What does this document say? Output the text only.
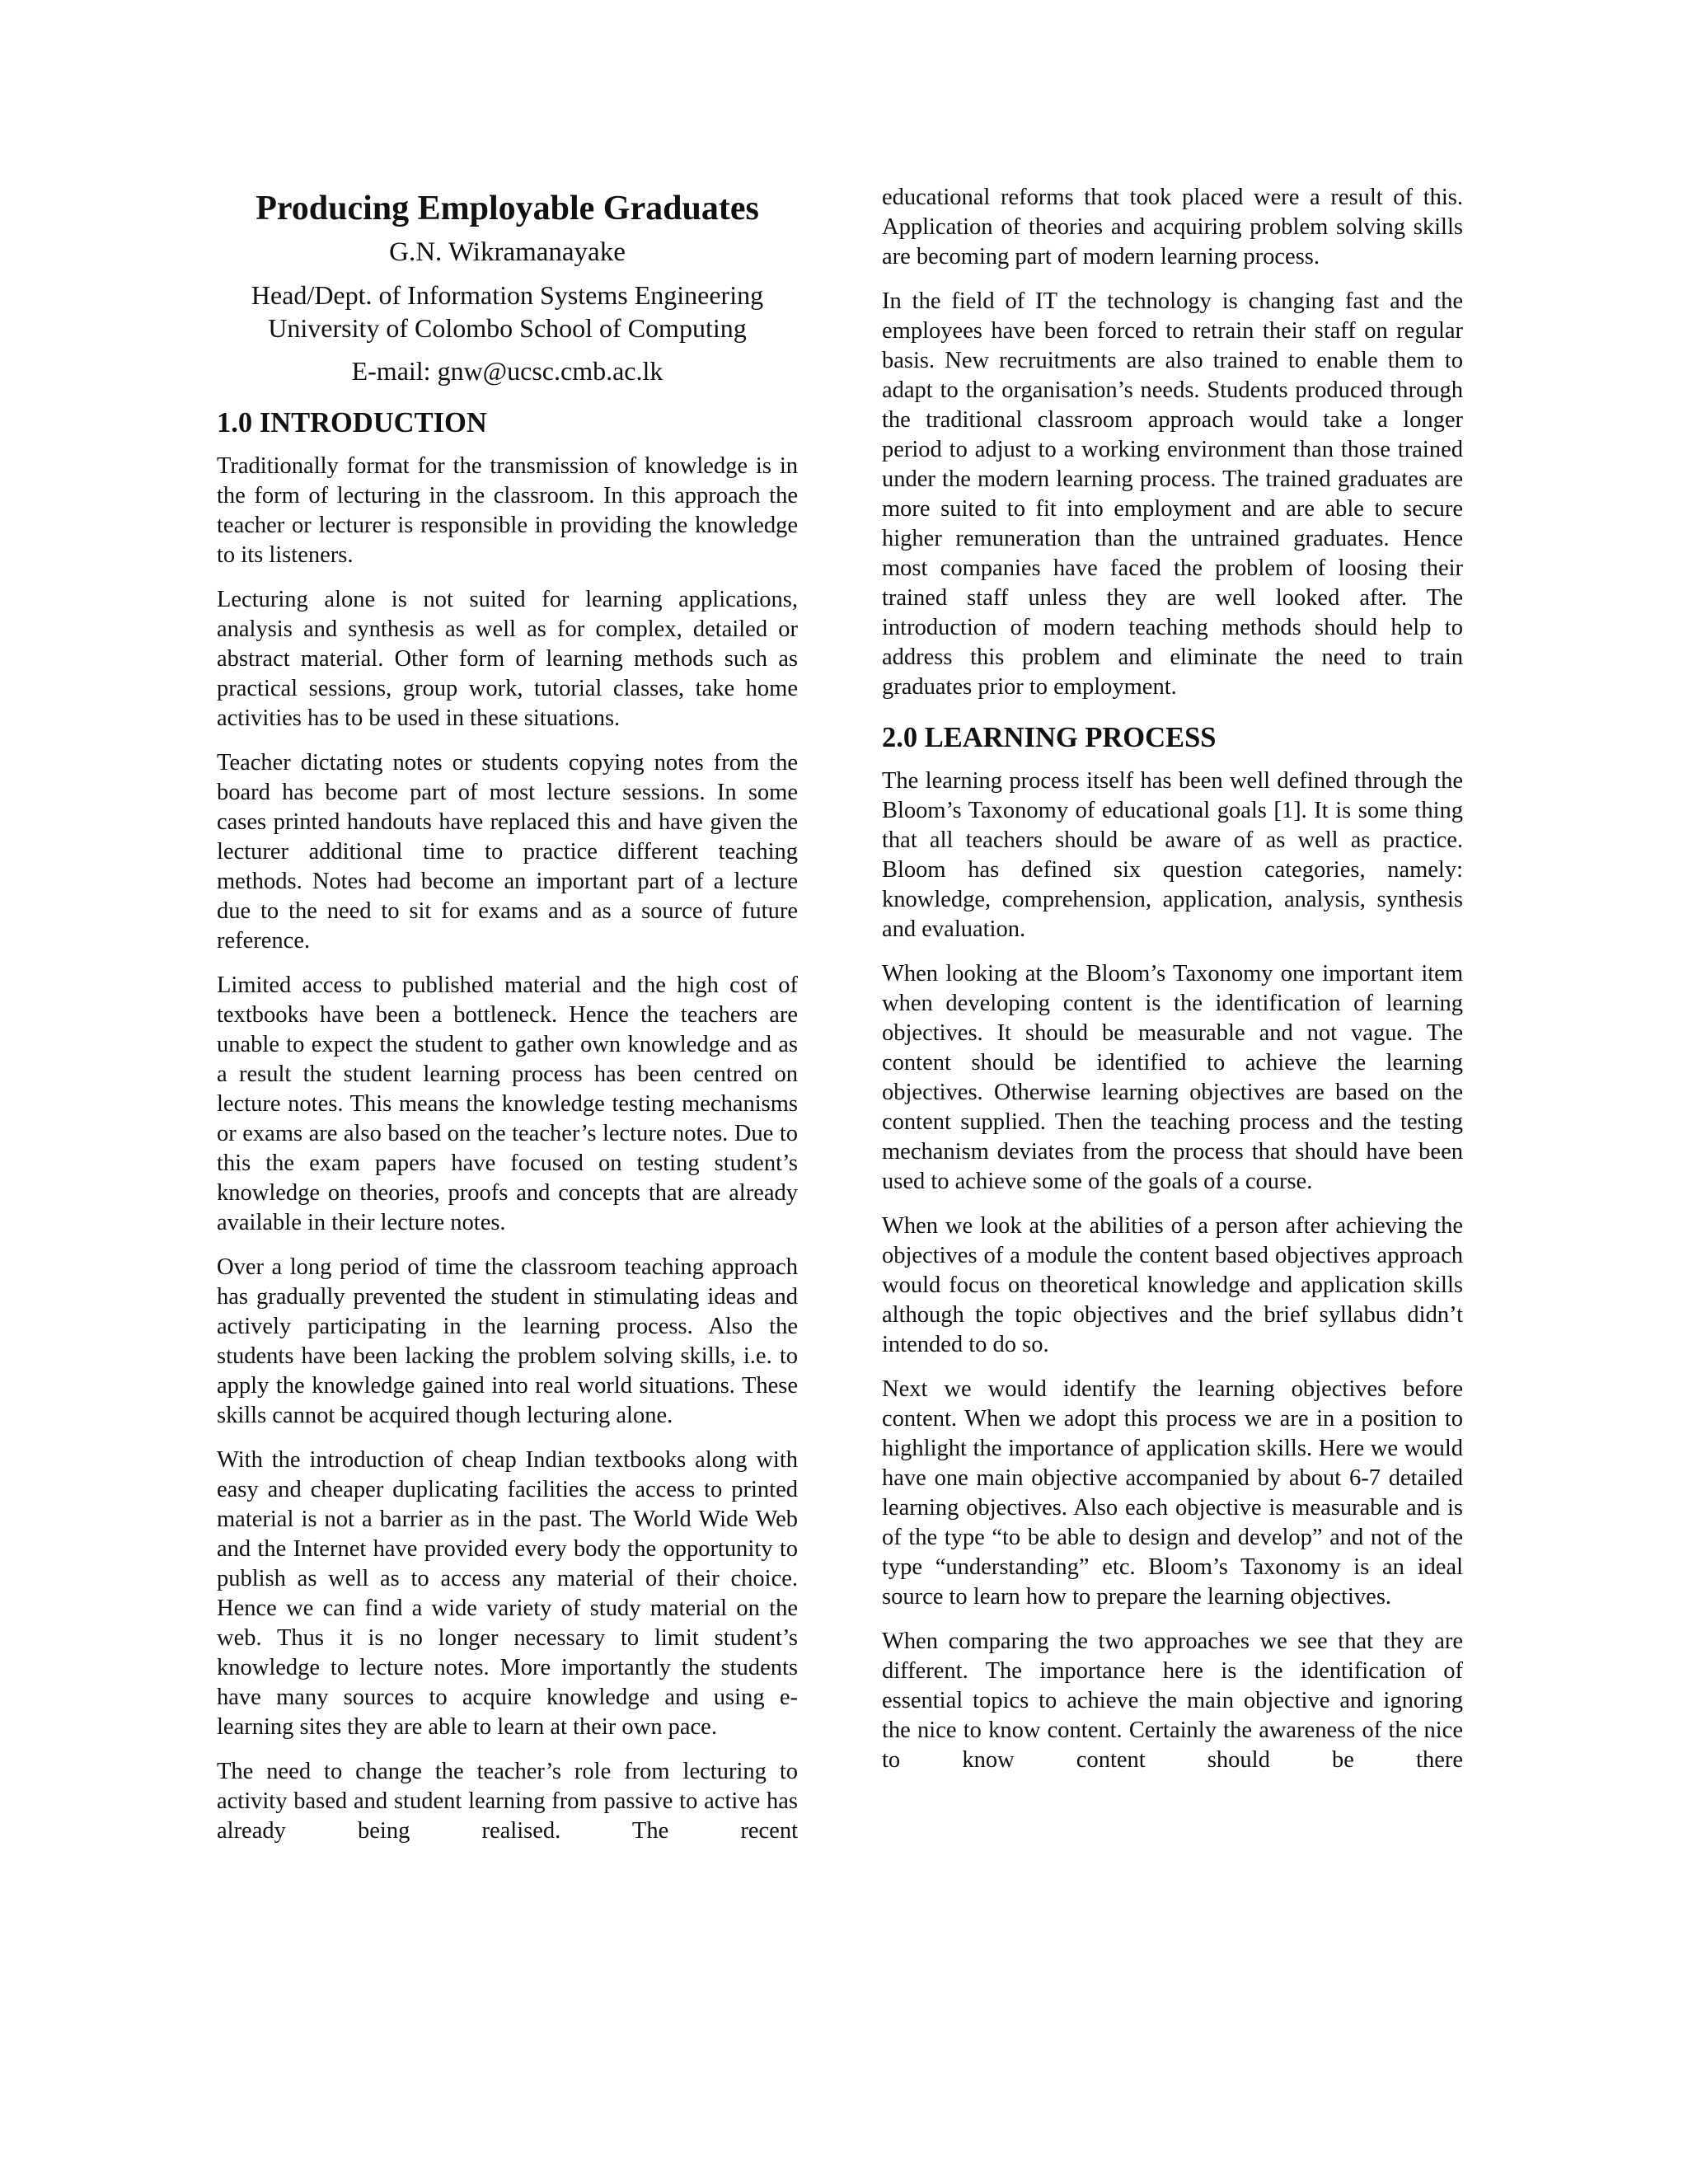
Producing Employable Graduates
G.N. Wikramanayake
Head/Dept. of Information Systems Engineering
University of Colombo School of Computing
E-mail: gnw@ucsc.cmb.ac.lk
1.0 INTRODUCTION

Traditionally format for the transmission of knowledge is in the form of lecturing in the classroom. In this approach the teacher or lecturer is responsible in providing the knowledge to its listeners.

Lecturing alone is not suited for learning applications, analysis and synthesis as well as for complex, detailed or abstract material. Other form of learning methods such as practical sessions, group work, tutorial classes, take home activities has to be used in these situations.

Teacher dictating notes or students copying notes from the board has become part of most lecture sessions. In some cases printed handouts have replaced this and have given the lecturer additional time to practice different teaching methods. Notes had become an important part of a lecture due to the need to sit for exams and as a source of future reference.

Limited access to published material and the high cost of textbooks have been a bottleneck. Hence the teachers are unable to expect the student to gather own knowledge and as a result the student learning process has been centred on lecture notes. This means the knowledge testing mechanisms or exams are also based on the teacher’s lecture notes. Due to this the exam papers have focused on testing student’s knowledge on theories, proofs and concepts that are already available in their lecture notes.

Over a long period of time the classroom teaching approach has gradually prevented the student in stimulating ideas and actively participating in the learning process. Also the students have been lacking the problem solving skills, i.e. to apply the knowledge gained into real world situations. These skills cannot be acquired though lecturing alone.

With the introduction of cheap Indian textbooks along with easy and cheaper duplicating facilities the access to printed material is not a barrier as in the past. The World Wide Web and the Internet have provided every body the opportunity to publish as well as to access any material of their choice. Hence we can find a wide variety of study material on the web. Thus it is no longer necessary to limit student’s knowledge to lecture notes. More importantly the students have many sources to acquire knowledge and using e-learning sites they are able to learn at their own pace.

The need to change the teacher’s role from lecturing to activity based and student learning from passive to active has already being realised. The recent

educational reforms that took placed were a result of this. Application of theories and acquiring problem solving skills are becoming part of modern learning process.

In the field of IT the technology is changing fast and the employees have been forced to retrain their staff on regular basis. New recruitments are also trained to enable them to adapt to the organisation’s needs. Students produced through the traditional classroom approach would take a longer period to adjust to a working environment than those trained under the modern learning process. The trained graduates are more suited to fit into employment and are able to secure higher remuneration than the untrained graduates. Hence most companies have faced the problem of loosing their trained staff unless they are well looked after. The introduction of modern teaching methods should help to address this problem and eliminate the need to train graduates prior to employment.

2.0 LEARNING PROCESS

The learning process itself has been well defined through the Bloom’s Taxonomy of educational goals [1]. It is some thing that all teachers should be aware of as well as practice. Bloom has defined six question categories, namely: knowledge, comprehension, application, analysis, synthesis and evaluation.

When looking at the Bloom’s Taxonomy one important item when developing content is the identification of learning objectives. It should be measurable and not vague. The content should be identified to achieve the learning objectives. Otherwise learning objectives are based on the content supplied. Then the teaching process and the testing mechanism deviates from the process that should have been used to achieve some of the goals of a course.

When we look at the abilities of a person after achieving the objectives of a module the content based objectives approach would focus on theoretical knowledge and application skills although the topic objectives and the brief syllabus didn’t intended to do so.

Next we would identify the learning objectives before content. When we adopt this process we are in a position to highlight the importance of application skills. Here we would have one main objective accompanied by about 6-7 detailed learning objectives. Also each objective is measurable and is of the type “to be able to design and develop” and not of the type “understanding” etc. Bloom’s Taxonomy is an ideal source to learn how to prepare the learning objectives.

When comparing the two approaches we see that they are different. The importance here is the identification of essential topics to achieve the main objective and ignoring the nice to know content. Certainly the awareness of the nice to know content should be there
